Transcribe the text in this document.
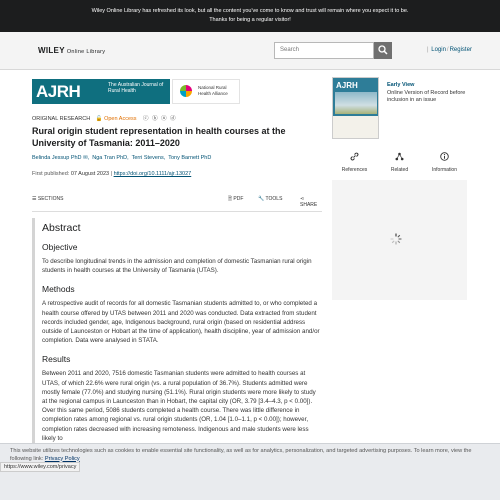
Wiley Online Library has refreshed its look, but all the content you've come to know and trust will remain where you expect it to be.
Thanks for being a regular visitor!
WILEY Online Library	Search	| Login/Register
AJRH	The Australian Journal of Rural Health
National Rural Health Alliance
ORIGINAL RESEARCH 🔓 Open Access ⓒ ⓑ ⓝ ⓓ
Rural origin student representation in health courses at the University of Tasmania: 2011–2020
Belinda Jessup PhD ✉,  Nga Tran PhD,  Terri Stevens,  Tony Barnett PhD
First published: 07 August 2023 | https://doi.org/10.1111/ajr.13027
☰ SECTIONS	🗎 PDF	🔧 TOOLS	⋖ SHARE
Abstract
Objective

To describe longitudinal trends in the admission and completion of domestic Tasmanian rural origin students in health courses at the University of Tasmania (UTAS).

Methods

A retrospective audit of records for all domestic Tasmanian students admitted to, or who completed a health course offered by UTAS between 2011 and 2020 was conducted. Data extracted from student records included gender, age, Indigenous background, rural origin (based on residential address outside of Launceston or Hobart at the time of application), health discipline, year of admission and/or completion. Data were analysed in STATA.

Results

Between 2011 and 2020, 7516 domestic Tasmanian students were admitted to health courses at UTAS, of which 22.6% were rural origin (vs. a rural population of 36.7%). Students admitted were mostly female (77.0%) and studying nursing (51.1%). Rural origin students were more likely to study at the regional campus in Launceston than in Hobart, the capital city (OR, 3.79 [3.4–4.3, p < 0.00]). Over this same period, 5086 students completed a health course. There was little difference in completion rates among regional vs. rural origin students (OR, 1.04 [1.0–1.1, p < 0.00]); however, completion rates decreased with increasing remoteness. Indigenous and male students were less likely to

AJRH	Early View
Online Version of Record before inclusion in an issue
References	Related	Information
This website utilizes technologies such as cookies to enable essential site functionality, as well as for analytics, personalization, and targeted advertising purposes. To learn more, view the following link: Privacy Policy
https://www.wiley.com/privacy
